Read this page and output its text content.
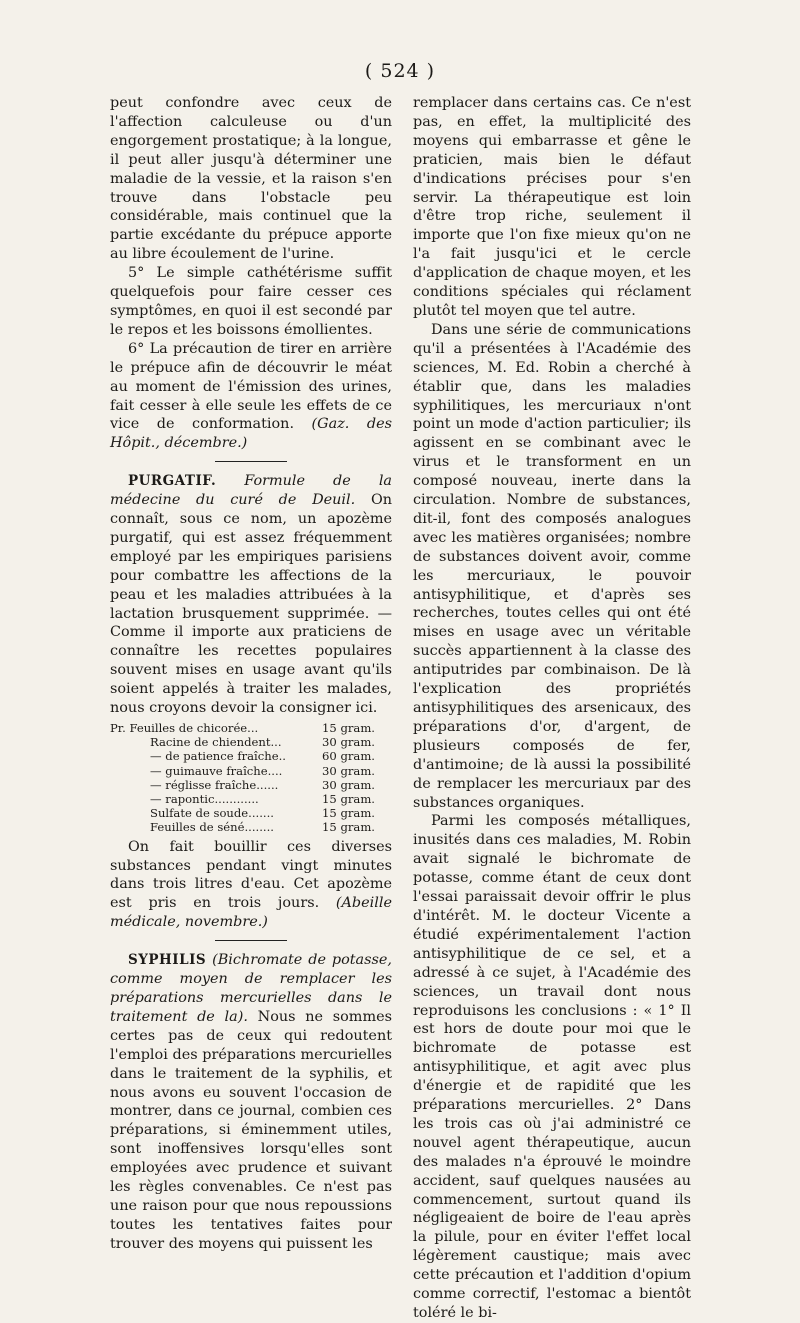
( 524 )

peut confondre avec ceux de l'affection calculeuse ou d'un engorgement prostatique; à la longue, il peut aller jusqu'à déterminer une maladie de la vessie, et la raison s'en trouve dans l'obstacle peu considérable, mais continuel que la partie excédante du prépuce apporte au libre écoulement de l'urine.

5° Le simple cathétérisme suffit quelquefois pour faire cesser ces symptômes, en quoi il est secondé par le repos et les boissons émollientes.

6° La précaution de tirer en arrière le prépuce afin de découvrir le méat au moment de l'émission des urines, fait cesser à elle seule les effets de ce vice de conformation. (Gaz. des Hôpit., décembre.)

PURGATIF. Formule de la médecine du curé de Deuil. On connaît, sous ce nom, un apozème purgatif, qui est assez fréquemment employé par les empiriques parisiens pour combattre les affections de la peau et les maladies attribuées à la lactation brusquement supprimée. — Comme il importe aux praticiens de connaître les recettes populaires souvent mises en usage avant qu'ils soient appelés à traiter les malades, nous croyons devoir la consigner ici.

Pr. Feuilles de chicorée...	15 gram.
Racine de chiendent...	30 gram.
— de patience fraîche..	60 gram.
— guimauve fraîche....	30 gram.
— réglisse fraîche......	30 gram.
— rapontic............	15 gram.
Sulfate de soude.......	15 gram.
Feuilles de séné........	15 gram.

On fait bouillir ces diverses substances pendant vingt minutes dans trois litres d'eau. Cet apozème est pris en trois jours. (Abeille médicale, novembre.)

SYPHILIS (Bichromate de potasse, comme moyen de remplacer les préparations mercurielles dans le traitement de la). Nous ne sommes certes pas de ceux qui redoutent l'emploi des préparations mercurielles dans le traitement de la syphilis, et nous avons eu souvent l'occasion de montrer, dans ce journal, combien ces préparations, si éminemment utiles, sont inoffensives lorsqu'elles sont employées avec prudence et suivant les règles convenables. Ce n'est pas une raison pour que nous repoussions toutes les tentatives faites pour trouver des moyens qui puissent les

remplacer dans certains cas. Ce n'est pas, en effet, la multiplicité des moyens qui embarrasse et gêne le praticien, mais bien le défaut d'indications précises pour s'en servir. La thérapeutique est loin d'être trop riche, seulement il importe que l'on fixe mieux qu'on ne l'a fait jusqu'ici et le cercle d'application de chaque moyen, et les conditions spéciales qui réclament plutôt tel moyen que tel autre.

Dans une série de communications qu'il a présentées à l'Académie des sciences, M. Ed. Robin a cherché à établir que, dans les maladies syphilitiques, les mercuriaux n'ont point un mode d'action particulier; ils agissent en se combinant avec le virus et le transforment en un composé nouveau, inerte dans la circulation. Nombre de substances, dit-il, font des composés analogues avec les matières organisées; nombre de substances doivent avoir, comme les mercuriaux, le pouvoir antisyphilitique, et d'après ses recherches, toutes celles qui ont été mises en usage avec un véritable succès appartiennent à la classe des antiputrides par combinaison. De là l'explication des propriétés antisyphilitiques des arsenicaux, des préparations d'or, d'argent, de plusieurs composés de fer, d'antimoine; de là aussi la possibilité de remplacer les mercuriaux par des substances organiques.

Parmi les composés métalliques, inusités dans ces maladies, M. Robin avait signalé le bichromate de potasse, comme étant de ceux dont l'essai paraissait devoir offrir le plus d'intérêt. M. le docteur Vicente a étudié expérimentalement l'action antisyphilitique de ce sel, et a adressé à ce sujet, à l'Académie des sciences, un travail dont nous reproduisons les conclusions : « 1° Il est hors de doute pour moi que le bichromate de potasse est antisyphilitique, et agit avec plus d'énergie et de rapidité que les préparations mercurielles. 2° Dans les trois cas où j'ai administré ce nouvel agent thérapeutique, aucun des malades n'a éprouvé le moindre accident, sauf quelques nausées au commencement, surtout quand ils négligeaient de boire de l'eau après la pilule, pour en éviter l'effet local légèrement caustique; mais avec cette précaution et l'addition d'opium comme correctif, l'estomac a bientôt toléré le bi-
